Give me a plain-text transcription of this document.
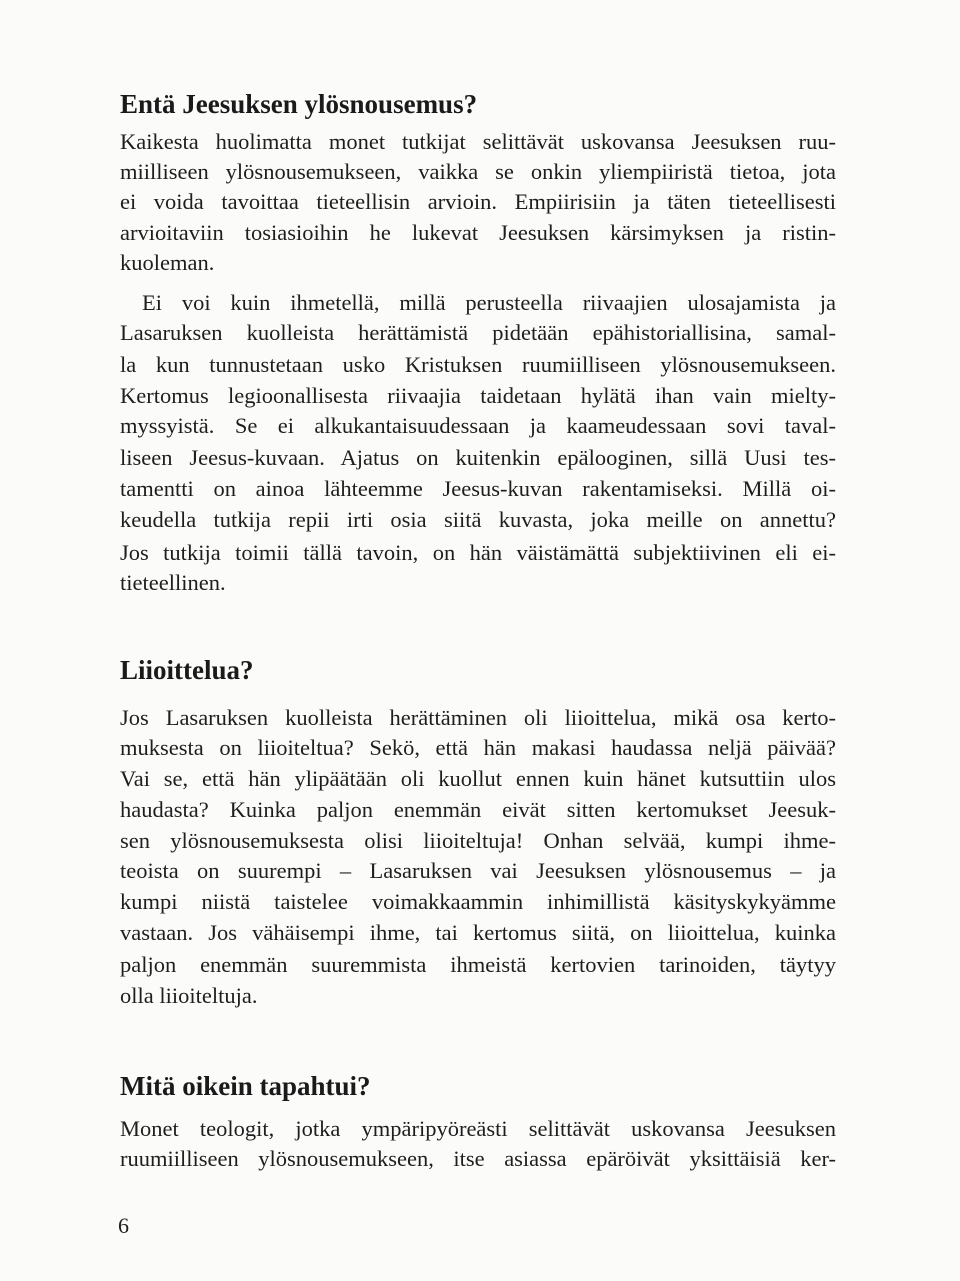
Entä Jeesuksen ylösnousemus?

Kaikesta huolimatta monet tutkijat selittävät uskovansa Jeesuksen ruu-

miilliseen ylösnousemukseen, vaikka se onkin yliempiiristä tietoa, jota

ei voida tavoittaa tieteellisin arvioin. Empiirisiin ja täten tieteellisesti

arvioitaviin tosiasioihin he lukevat Jeesuksen kärsimyksen ja ristin-

kuoleman.

Ei voi kuin ihmetellä, millä perusteella riivaajien ulosajamista ja

Lasaruksen kuolleista herättämistä pidetään epähistoriallisina, samal-

la kun tunnustetaan usko Kristuksen ruumiilliseen ylösnousemukseen.

Kertomus legioonallisesta riivaajia taidetaan hylätä ihan vain mielty-

myssyistä. Se ei alkukantaisuudessaan ja kaameudessaan sovi taval-

liseen Jeesus-kuvaan. Ajatus on kuitenkin epälooginen, sillä Uusi tes-

tamentti on ainoa lähteemme Jeesus-kuvan rakentamiseksi. Millä oi-

keudella tutkija repii irti osia siitä kuvasta, joka meille on annettu?

Jos tutkija toimii tällä tavoin, on hän väistämättä subjektiivinen eli ei-

tieteellinen.

Liioittelua?

Jos Lasaruksen kuolleista herättäminen oli liioittelua, mikä osa kerto-

muksesta on liioiteltua? Sekö, että hän makasi haudassa neljä päivää?

Vai se, että hän ylipäätään oli kuollut ennen kuin hänet kutsuttiin ulos

haudasta? Kuinka paljon enemmän eivät sitten kertomukset Jeesuk-

sen ylösnousemuksesta olisi liioiteltuja! Onhan selvää, kumpi ihme-

teoista on suurempi – Lasaruksen vai Jeesuksen ylösnousemus – ja

kumpi niistä taistelee voimakkaammin inhimillistä käsityskykyämme

vastaan. Jos vähäisempi ihme, tai kertomus siitä, on liioittelua, kuinka

paljon enemmän suuremmista ihmeistä kertovien tarinoiden, täytyy

olla liioiteltuja.

Mitä oikein tapahtui?

Monet teologit, jotka ympäripyöreästi selittävät uskovansa Jeesuksen

ruumiilliseen ylösnousemukseen, itse asiassa epäröivät yksittäisiä ker-

6
